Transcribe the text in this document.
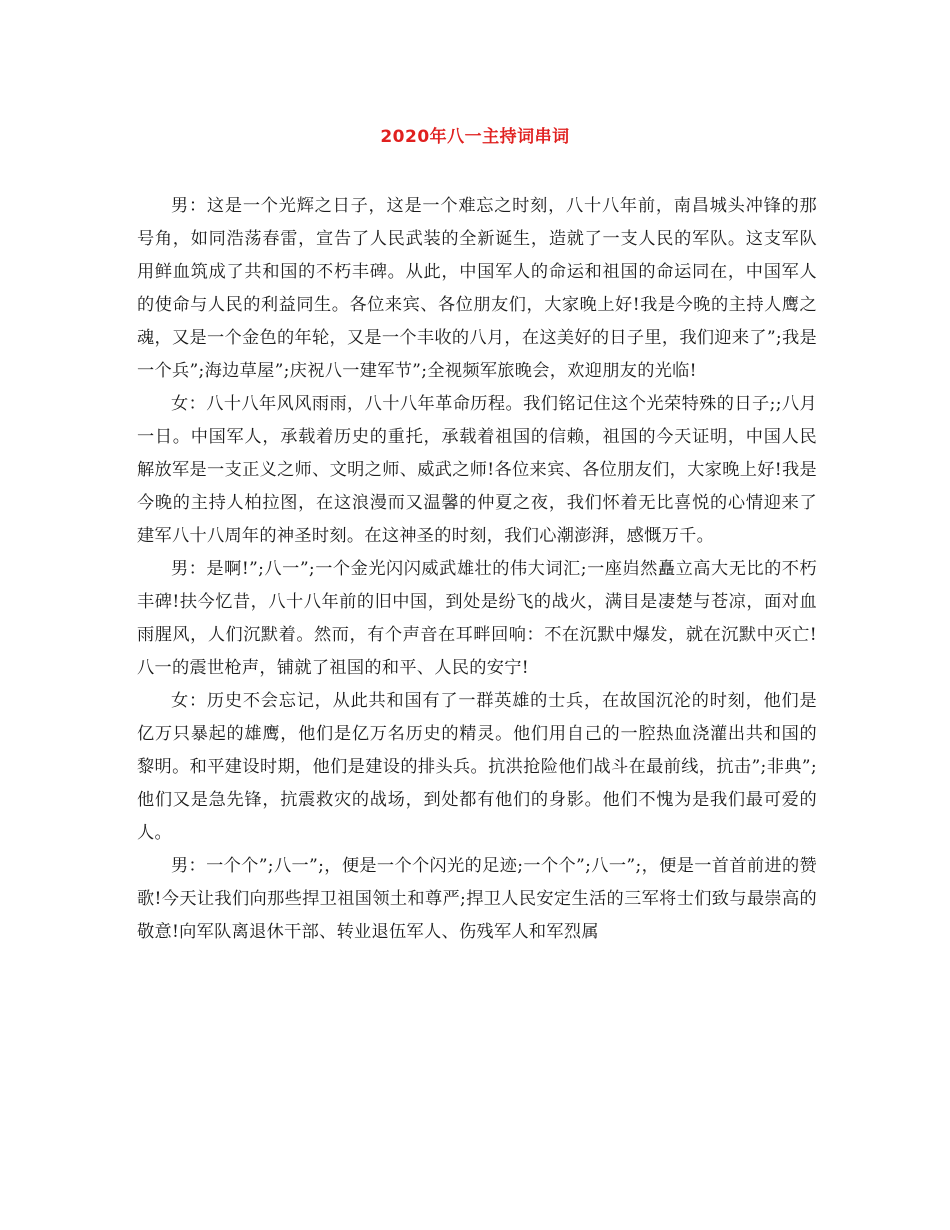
2020年八一主持词串词

男：这是一个光辉之日子，这是一个难忘之时刻，八十八年前，南昌城头冲锋的那号角，如同浩荡春雷，宣告了人民武装的全新诞生，造就了一支人民的军队。这支军队用鲜血筑成了共和国的不朽丰碑。从此，中国军人的命运和祖国的命运同在，中国军人的使命与人民的利益同生。各位来宾、各位朋友们，大家晚上好!我是今晚的主持人鹰之魂，又是一个金色的年轮，又是一个丰收的八月，在这美好的日子里，我们迎来了”;我是一个兵”;海边草屋”;庆祝八一建军节”;全视频军旅晚会，欢迎朋友的光临!

女：八十八年风风雨雨，八十八年革命历程。我们铭记住这个光荣特殊的日子;;八月一日。中国军人，承载着历史的重托，承载着祖国的信赖，祖国的今天证明，中国人民解放军是一支正义之师、文明之师、威武之师!各位来宾、各位朋友们，大家晚上好!我是今晚的主持人柏拉图，在这浪漫而又温馨的仲夏之夜，我们怀着无比喜悦的心情迎来了建军八十八周年的神圣时刻。在这神圣的时刻，我们心潮澎湃，感慨万千。

男：是啊!”;八一”;一个金光闪闪威武雄壮的伟大词汇;一座岿然矗立高大无比的不朽丰碑!扶今忆昔，八十八年前的旧中国，到处是纷飞的战火，满目是凄楚与苍凉，面对血雨腥风，人们沉默着。然而，有个声音在耳畔回响：不在沉默中爆发，就在沉默中灭亡!八一的震世枪声，铺就了祖国的和平、人民的安宁!

女：历史不会忘记，从此共和国有了一群英雄的士兵，在故国沉沦的时刻，他们是亿万只暴起的雄鹰，他们是亿万名历史的精灵。他们用自己的一腔热血浇灌出共和国的黎明。和平建设时期，他们是建设的排头兵。抗洪抢险他们战斗在最前线，抗击”;非典”;他们又是急先锋，抗震救灾的战场，到处都有他们的身影。他们不愧为是我们最可爱的人。

男：一个个”;八一”;，便是一个个闪光的足迹;一个个”;八一”;，便是一首首前进的赞歌!今天让我们向那些捍卫祖国领土和尊严;捍卫人民安定生活的三军将士们致与最崇高的敬意!向军队离退休干部、转业退伍军人、伤残军人和军烈属
